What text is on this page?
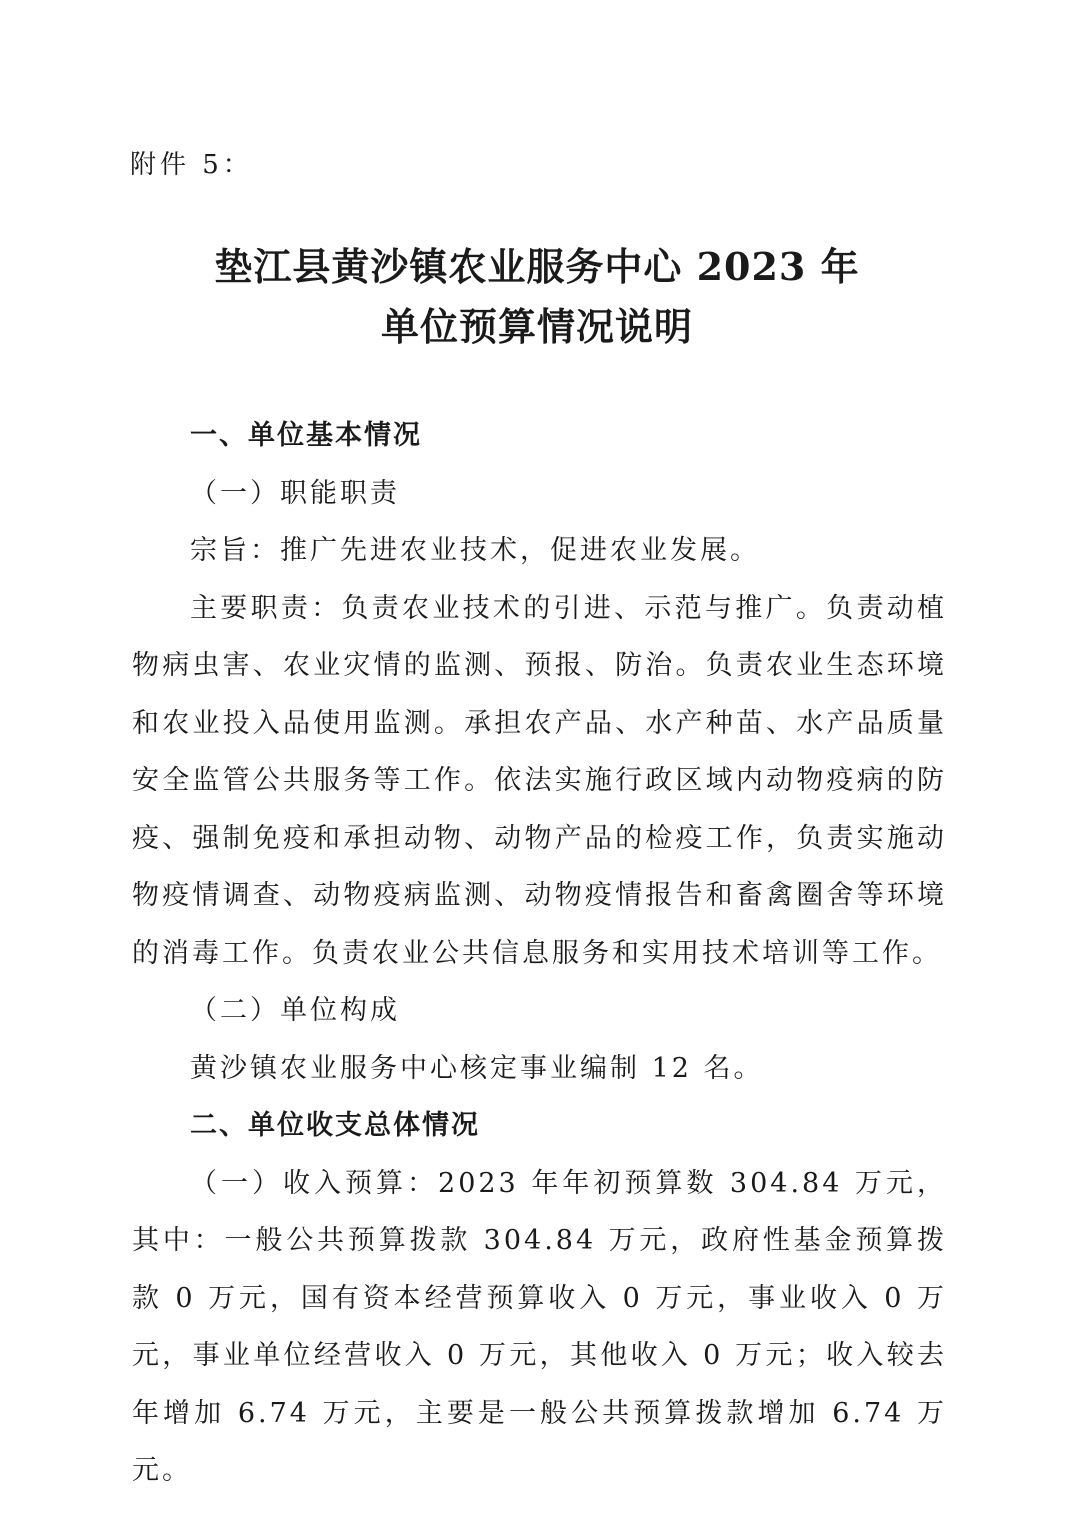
附件 5：
垫江县黄沙镇农业服务中心 2023 年
单位预算情况说明

一、单位基本情况

（一）职能职责

宗旨：推广先进农业技术，促进农业发展。

主要职责：负责农业技术的引进、示范与推广。负责动植物病虫害、农业灾情的监测、预报、防治。负责农业生态环境和农业投入品使用监测。承担农产品、水产种苗、水产品质量安全监管公共服务等工作。依法实施行政区域内动物疫病的防疫、强制免疫和承担动物、动物产品的检疫工作，负责实施动物疫情调查、动物疫病监测、动物疫情报告和畜禽圈舍等环境的消毒工作。负责农业公共信息服务和实用技术培训等工作。

（二）单位构成

黄沙镇农业服务中心核定事业编制 12 名。

二、单位收支总体情况

（一）收入预算：2023 年年初预算数 304.84 万元，其中：一般公共预算拨款 304.84 万元，政府性基金预算拨款 0 万元，国有资本经营预算收入 0 万元，事业收入 0 万元，事业单位经营收入 0 万元，其他收入 0 万元；收入较去年增加 6.74 万元，主要是一般公共预算拨款增加 6.74 万元。
